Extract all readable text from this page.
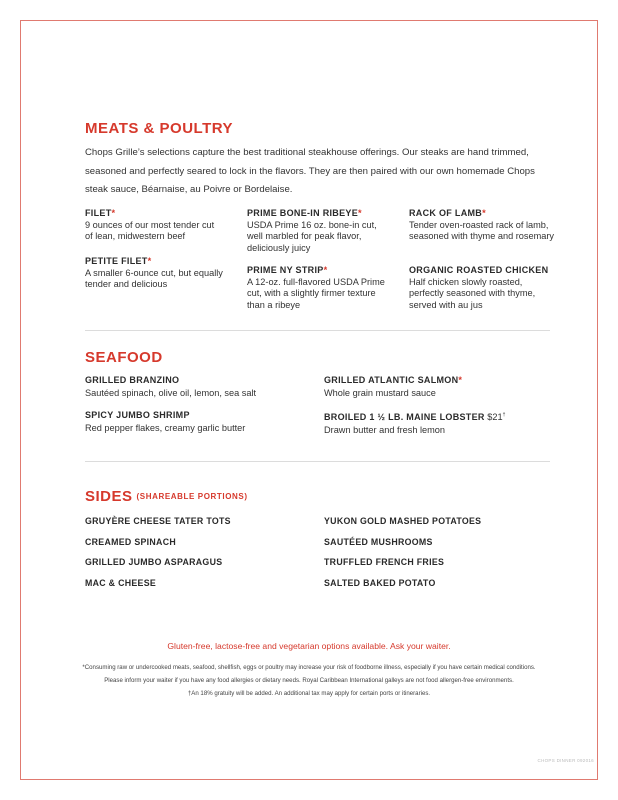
MEATS & POULTRY

Chops Grille’s selections capture the best traditional steakhouse offerings. Our steaks are hand trimmed, seasoned and perfectly seared to lock in the flavors. They are then paired with our own homemade Chops steak sauce, Béarnaise, au Poivre or Bordelaise.

FILET*
9 ounces of our most tender cut
of lean, midwestern beef
PETITE FILET*
A smaller 6-ounce cut, but equally
tender and delicious
PRIME BONE-IN RIBEYE*
USDA Prime 16 oz. bone-in cut,
well marbled for peak flavor,
deliciously juicy
PRIME NY STRIP*
A 12-oz. full-flavored USDA Prime
cut, with a slightly firmer texture
than a ribeye
RACK OF LAMB*
Tender oven-roasted rack of lamb,
seasoned with thyme and rosemary
ORGANIC ROASTED CHICKEN
Half chicken slowly roasted,
perfectly seasoned with thyme,
served with au jus
SEAFOOD
GRILLED BRANZINO
Sautéed spinach, olive oil, lemon, sea salt
SPICY JUMBO SHRIMP
Red pepper flakes, creamy garlic butter
GRILLED ATLANTIC SALMON*
Whole grain mustard sauce
BROILED 1 ½ LB. MAINE LOBSTER $21†
Drawn butter and fresh lemon
SIDES $^{(SHAREABLE PORTIONS)}$
GRUYÈRE CHEESE TATER TOTS
CREAMED SPINACH
GRILLED JUMBO ASPARAGUS
MAC & CHEESE
YUKON GOLD MASHED POTATOES
SAUTÉED MUSHROOMS
TRUFFLED FRENCH FRIES
SALTED BAKED POTATO
Gluten-free, lactose-free and vegetarian options available. Ask your waiter.
*Consuming raw or undercooked meats, seafood, shellfish, eggs or poultry may increase your risk of foodborne illness, especially if you have certain medical conditions.
Please inform your waiter if you have any food allergies or dietary needs. Royal Caribbean International galleys are not food allergen-free environments.
†An 18% gratuity will be added. An additional tax may apply for certain ports or itineraries.
CHOPS DINNER 092016
